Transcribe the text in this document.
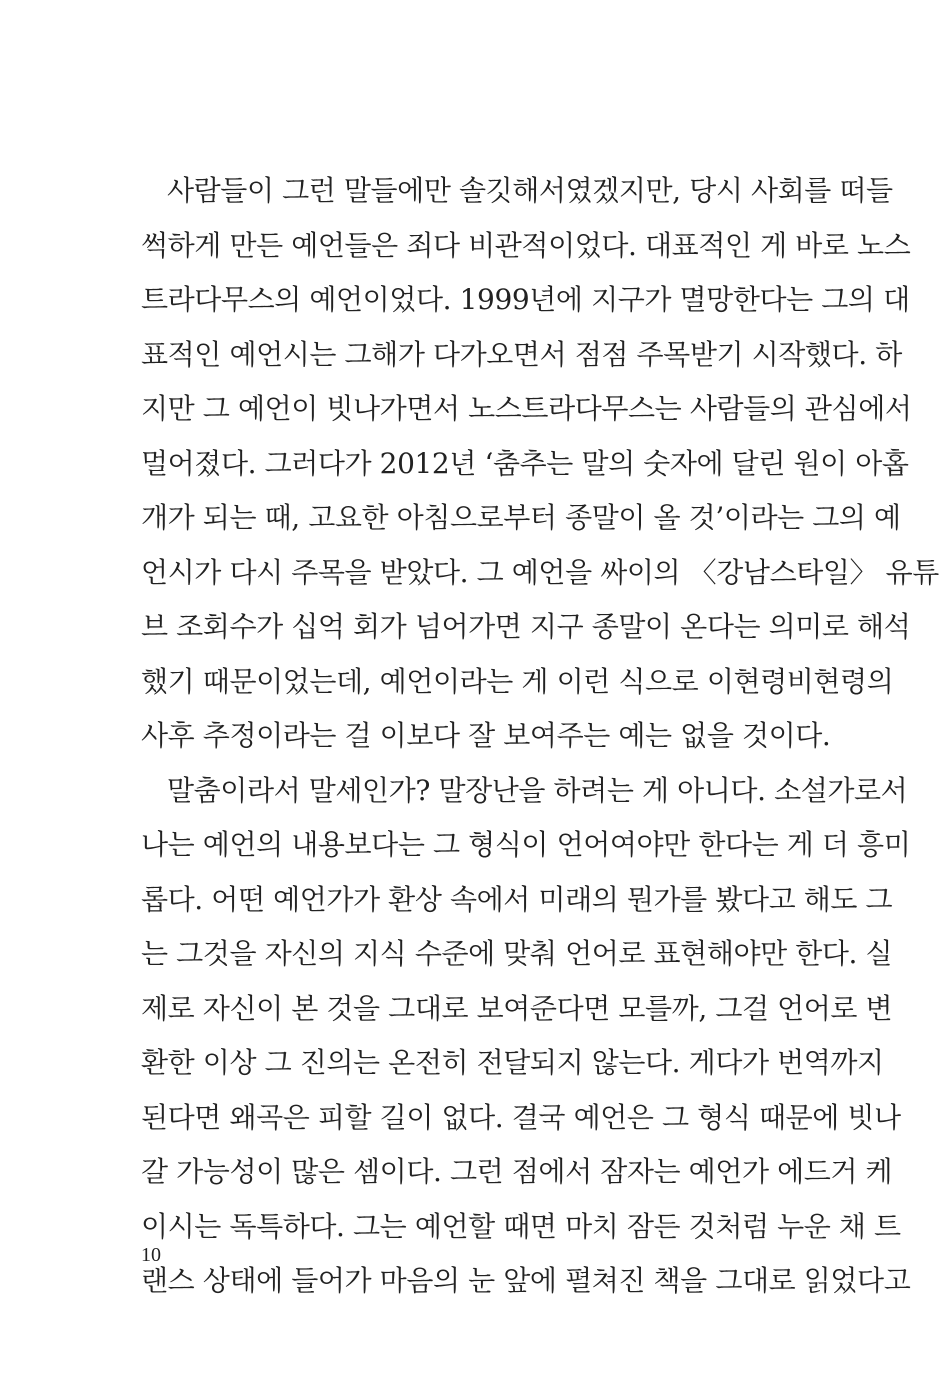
사람들이 그런 말들에만 솔깃해서였겠지만, 당시 사회를 떠들
썩하게 만든 예언들은 죄다 비관적이었다. 대표적인 게 바로 노스
트라다무스의 예언이었다. 1999년에 지구가 멸망한다는 그의 대
표적인 예언시는 그해가 다가오면서 점점 주목받기 시작했다. 하
지만 그 예언이 빗나가면서 노스트라다무스는 사람들의 관심에서
멀어졌다. 그러다가 2012년 ‘춤추는 말의 숫자에 달린 원이 아홉
개가 되는 때, 고요한 아침으로부터 종말이 올 것’이라는 그의 예
언시가 다시 주목을 받았다. 그 예언을 싸이의 〈강남스타일〉 유튜
브 조회수가 십억 회가 넘어가면 지구 종말이 온다는 의미로 해석
했기 때문이었는데, 예언이라는 게 이런 식으로 이현령비현령의
사후 추정이라는 걸 이보다 잘 보여주는 예는 없을 것이다.
말춤이라서 말세인가? 말장난을 하려는 게 아니다. 소설가로서
나는 예언의 내용보다는 그 형식이 언어여야만 한다는 게 더 흥미
롭다. 어떤 예언가가 환상 속에서 미래의 뭔가를 봤다고 해도 그
는 그것을 자신의 지식 수준에 맞춰 언어로 표현해야만 한다. 실
제로 자신이 본 것을 그대로 보여준다면 모를까, 그걸 언어로 변
환한 이상 그 진의는 온전히 전달되지 않는다. 게다가 번역까지
된다면 왜곡은 피할 길이 없다. 결국 예언은 그 형식 때문에 빗나
갈 가능성이 많은 셈이다. 그런 점에서 잠자는 예언가 에드거 케
이시는 독특하다. 그는 예언할 때면 마치 잠든 것처럼 누운 채 트
랜스 상태에 들어가 마음의 눈 앞에 펼쳐진 책을 그대로 읽었다고
10
